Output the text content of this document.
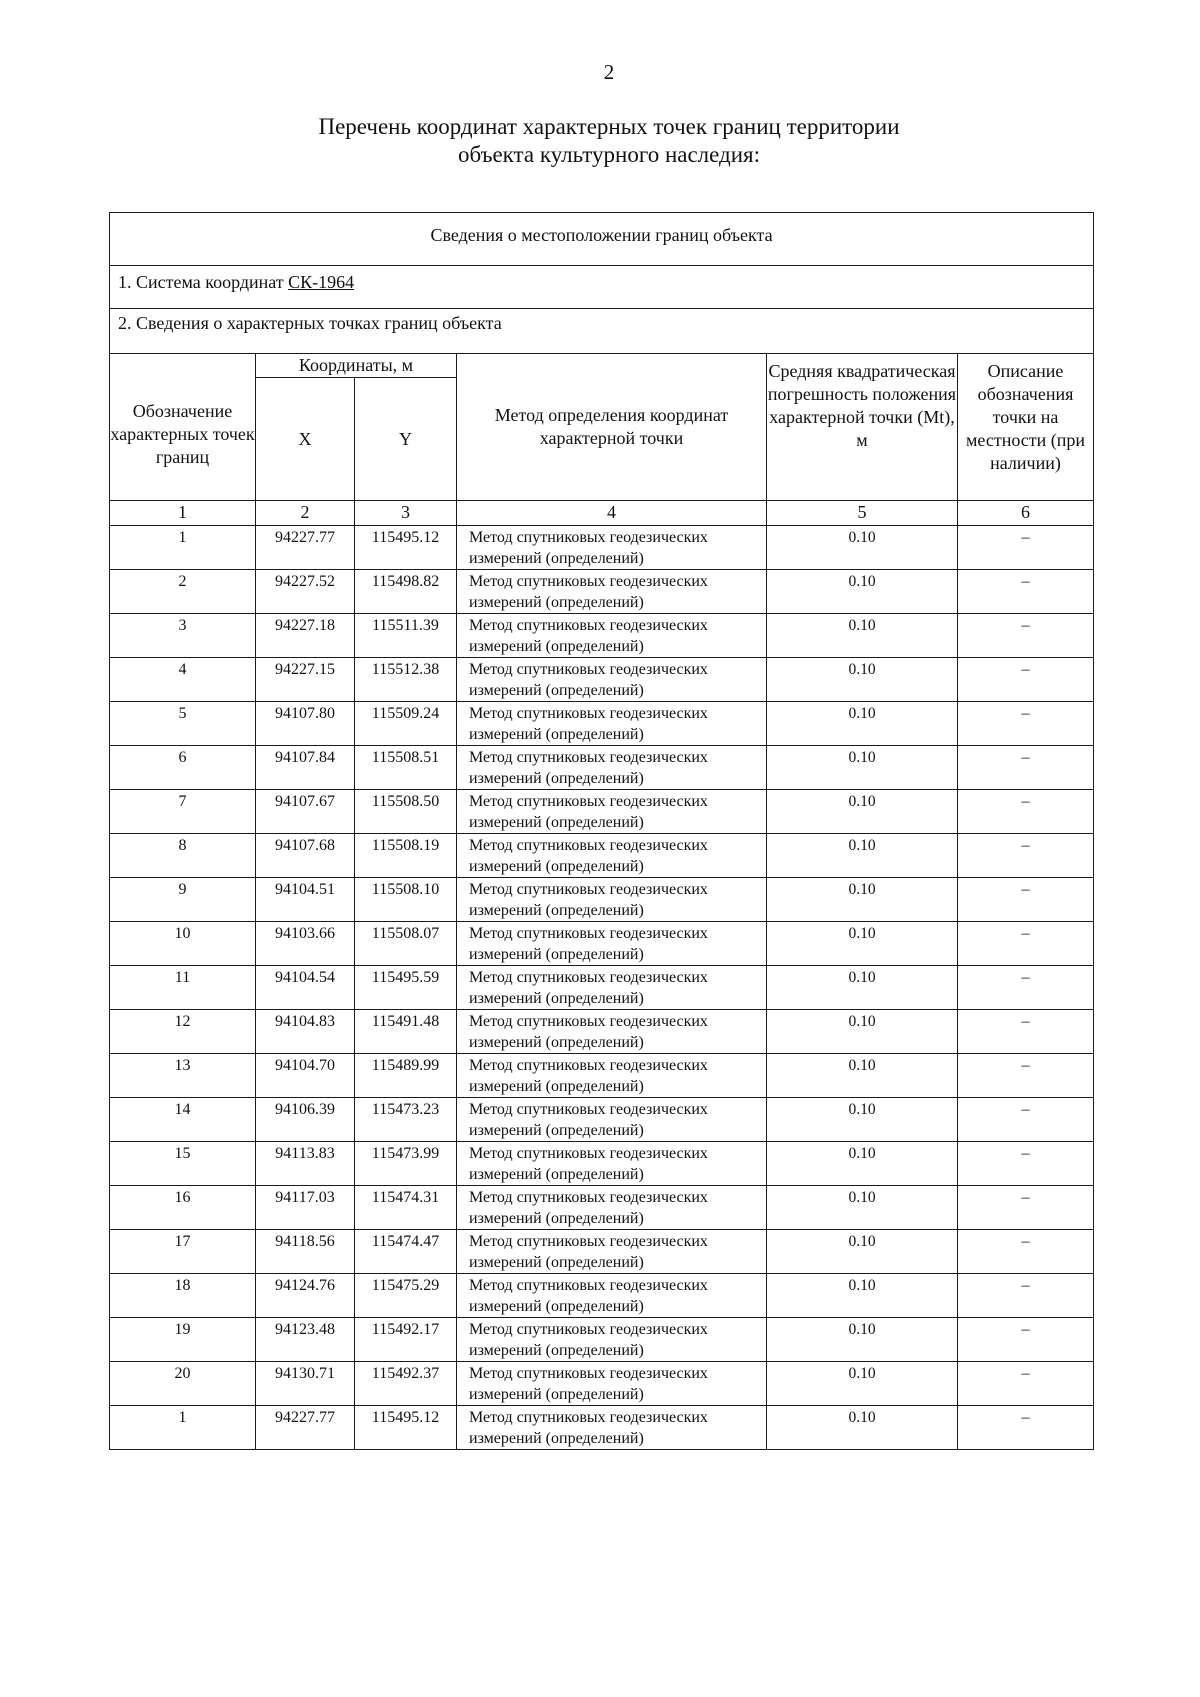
2
Перечень координат характерных точек границ территории
объекта культурного наследия:
Сведения о местоположении границ объекта					
1. Система координат СК-1964					
2. Сведения о характерных точках границ объекта					
Обозначение характерных точек границ	Координаты, м		Метод определения координат характерной точки	Средняя квадратическая погрешность положения характерной точки (Mt), м	Описание обозначения точки на местности (при наличии)
	X	Y			
1	2	3	4	5	6
1	94227.77	115495.12	Метод спутниковых геодезических измерений (определений)	0.10	–
2	94227.52	115498.82	Метод спутниковых геодезических измерений (определений)	0.10	–
3	94227.18	115511.39	Метод спутниковых геодезических измерений (определений)	0.10	–
4	94227.15	115512.38	Метод спутниковых геодезических измерений (определений)	0.10	–
5	94107.80	115509.24	Метод спутниковых геодезических измерений (определений)	0.10	–
6	94107.84	115508.51	Метод спутниковых геодезических измерений (определений)	0.10	–
7	94107.67	115508.50	Метод спутниковых геодезических измерений (определений)	0.10	–
8	94107.68	115508.19	Метод спутниковых геодезических измерений (определений)	0.10	–
9	94104.51	115508.10	Метод спутниковых геодезических измерений (определений)	0.10	–
10	94103.66	115508.07	Метод спутниковых геодезических измерений (определений)	0.10	–
11	94104.54	115495.59	Метод спутниковых геодезических измерений (определений)	0.10	–
12	94104.83	115491.48	Метод спутниковых геодезических измерений (определений)	0.10	–
13	94104.70	115489.99	Метод спутниковых геодезических измерений (определений)	0.10	–
14	94106.39	115473.23	Метод спутниковых геодезических измерений (определений)	0.10	–
15	94113.83	115473.99	Метод спутниковых геодезических измерений (определений)	0.10	–
16	94117.03	115474.31	Метод спутниковых геодезических измерений (определений)	0.10	–
17	94118.56	115474.47	Метод спутниковых геодезических измерений (определений)	0.10	–
18	94124.76	115475.29	Метод спутниковых геодезических измерений (определений)	0.10	–
19	94123.48	115492.17	Метод спутниковых геодезических измерений (определений)	0.10	–
20	94130.71	115492.37	Метод спутниковых геодезических измерений (определений)	0.10	–
1	94227.77	115495.12	Метод спутниковых геодезических измерений (определений)	0.10	–
